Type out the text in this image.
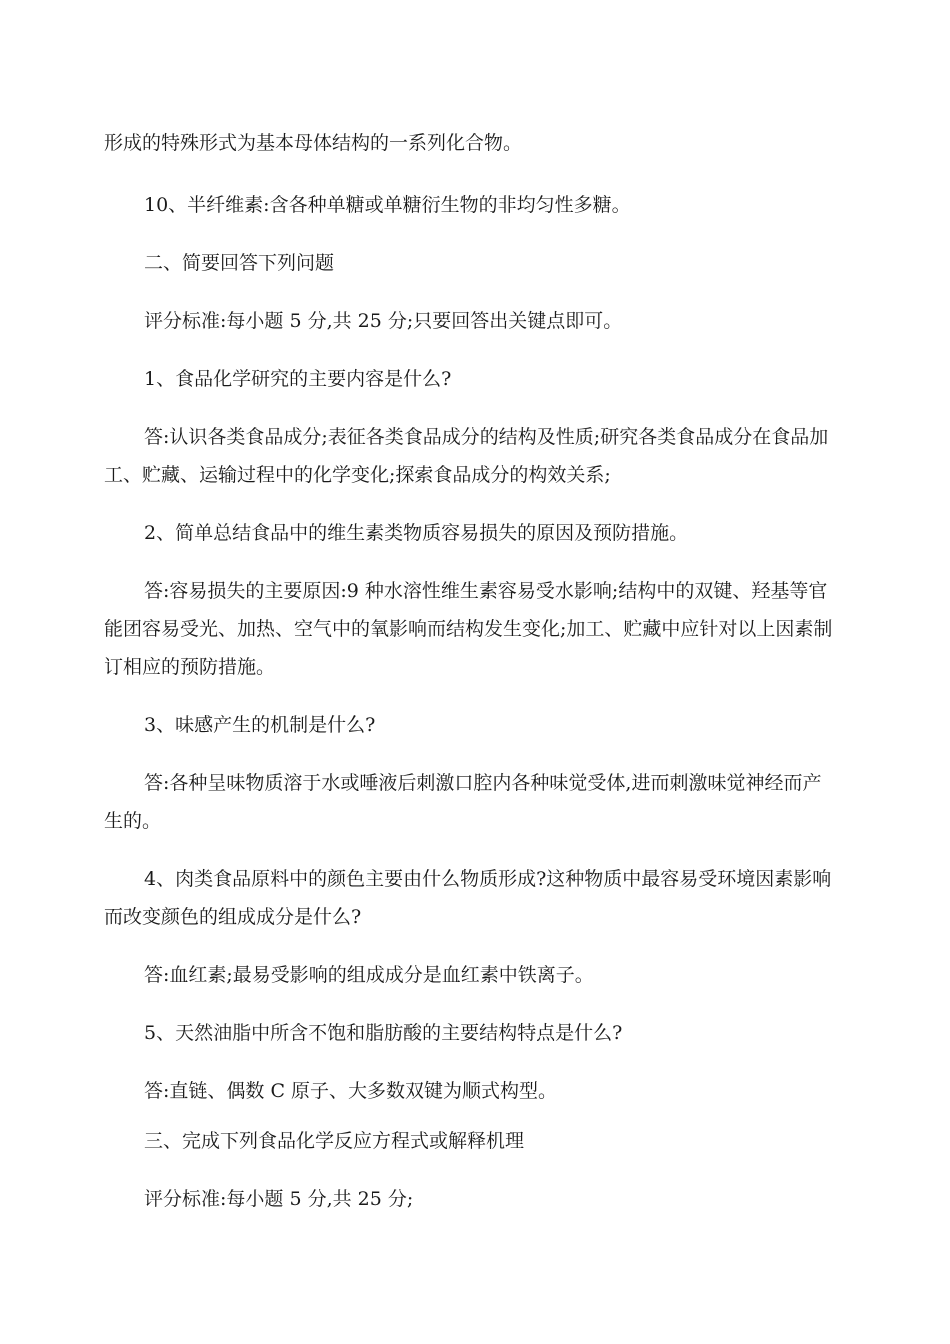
形成的特殊形式为基本母体结构的一系列化合物。

10、半纤维素:含各种单糖或单糖衍生物的非均匀性多糖。

二、简要回答下列问题

评分标准:每小题 5 分,共 25 分;只要回答出关键点即可。

1、食品化学研究的主要内容是什么?

答:认识各类食品成分;表征各类食品成分的结构及性质;研究各类食品成分在食品加工、贮藏、运输过程中的化学变化;探索食品成分的构效关系;

2、简单总结食品中的维生素类物质容易损失的原因及预防措施。

答:容易损失的主要原因:9 种水溶性维生素容易受水影响;结构中的双键、羟基等官能团容易受光、加热、空气中的氧影响而结构发生变化;加工、贮藏中应针对以上因素制订相应的预防措施。

3、味感产生的机制是什么?

答:各种呈味物质溶于水或唾液后刺激口腔内各种味觉受体,进而刺激味觉神经而产生的。

4、肉类食品原料中的颜色主要由什么物质形成?这种物质中最容易受环境因素影响而改变颜色的组成成分是什么?

答:血红素;最易受影响的组成成分是血红素中铁离子。

5、天然油脂中所含不饱和脂肪酸的主要结构特点是什么?

答:直链、偶数 C 原子、大多数双键为顺式构型。

三、完成下列食品化学反应方程式或解释机理

评分标准:每小题 5 分,共 25 分;
